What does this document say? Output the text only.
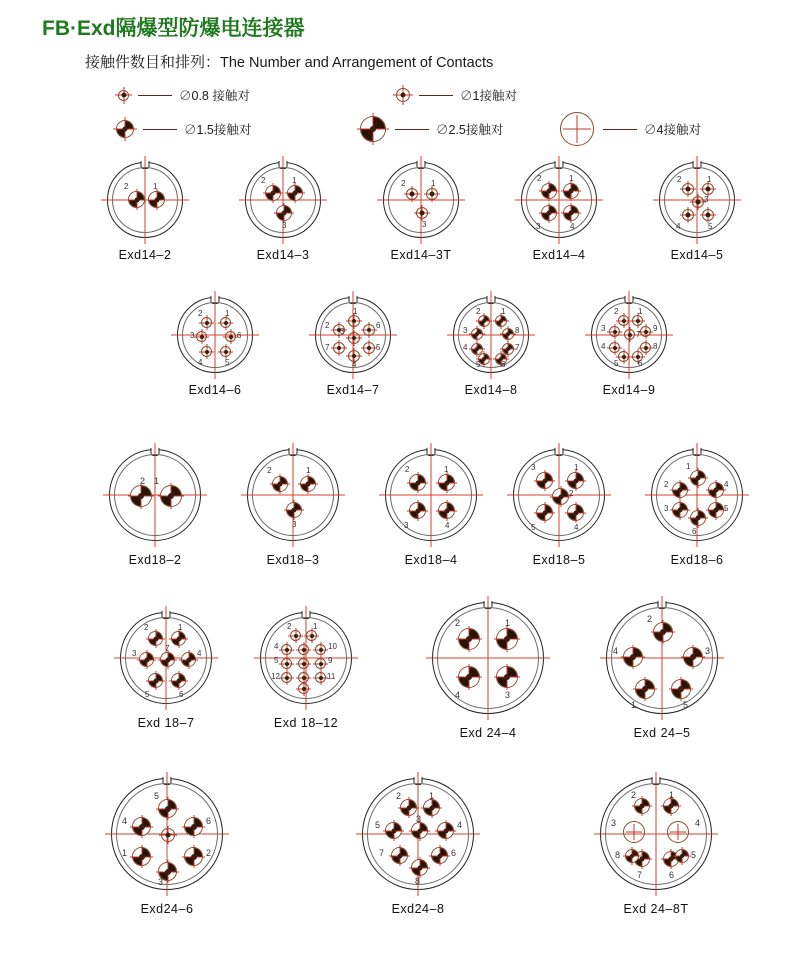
FB·Exd隔爆型防爆电连接器
接触件数目和排列：The Number and Arrangement of Contacts
∅0.8 接触对	∅1接触对
∅1.5接触对	∅2.5接触对	∅4接触对
2	1
Exd14–2
2	1
3
Exd14–3
2	1
3
Exd14–3T
2	1
3	4
Exd14–4
2	1
3
4	5
Exd14–5
2	1
3	6
4	5
Exd14–6
1
6
5
4
7
2
3
Exd14–7
2	1
3	8
4	7
5	6
Exd14–8
2 1
3	9
4	8
5 6
7
Exd14–9
1
2
Exd18–2
2	1
3
Exd18–3
2	1
3	4
Exd18–4
3	1
2
5	4
Exd18–5
1
4
5
6
3
2
Exd18–6
2	1
3
7
4
5	6
Exd 18–7
2	1
4	10
5	9
12	11
Exd 18–12
2	1
4	3
Exd 24–4
2
3
5
1
4
Exd 24–5
5
6
2
3
1
4
Exd24–6
2	1
5
3
4
7	6
8
Exd24–8
2	1
3	4
7	6
8	5
Exd 24–8T
